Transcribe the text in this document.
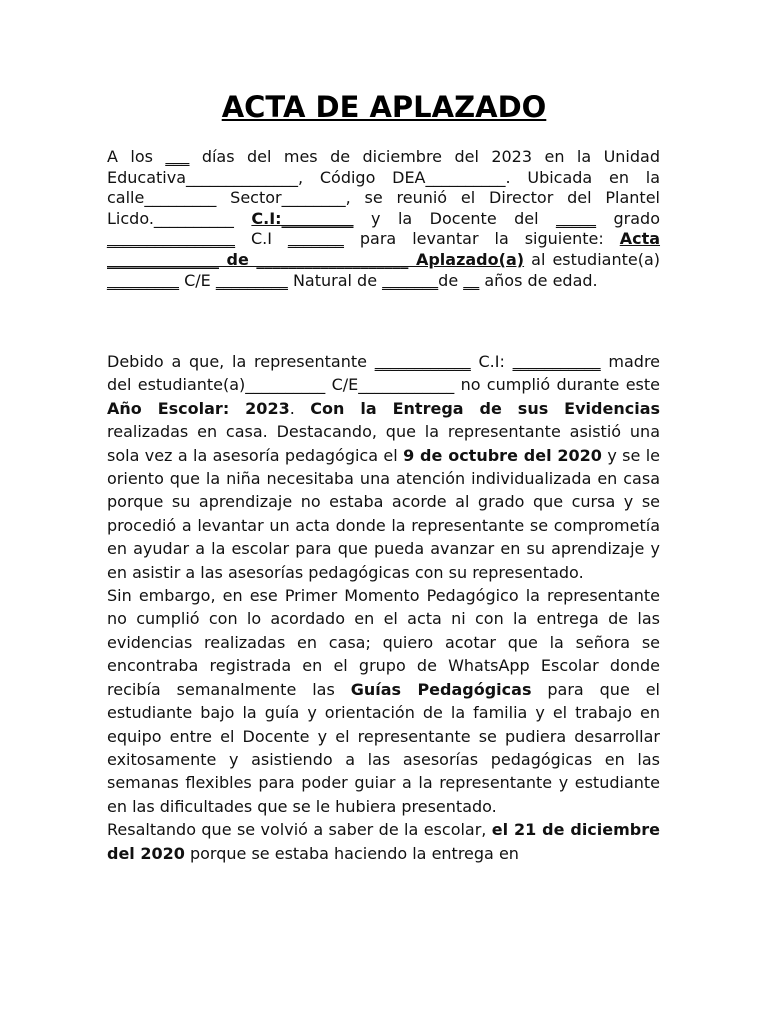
ACTA DE APLAZADO
A los ___ días del mes de diciembre del 2023 en la Unidad Educativa______________, Código DEA__________. Ubicada en la calle_________ Sector________, se reunió el Director del Plantel Licdo.__________ C.I:_________ y la Docente del _____ grado ________________ C.I _______ para levantar la siguiente: Acta ______________ de ___________________ Aplazado(a) al estudiante(a) _________ C/E _________ Natural de _______de __ años de edad.
Debido a que, la representante ____________ C.I: ___________ madre del estudiante(a)__________ C/E____________ no cumplió durante este Año Escolar: 2023. Con la Entrega de sus Evidencias realizadas en casa. Destacando, que la representante asistió una sola vez a la asesoría pedagógica el 9 de octubre del 2020 y se le oriento que la niña necesitaba una atención individualizada en casa porque su aprendizaje no estaba acorde al grado que cursa y se procedió a levantar un acta donde la representante se comprometía en ayudar a la escolar para que pueda avanzar en su aprendizaje y en asistir a las asesorías pedagógicas con su representado.
Sin embargo, en ese Primer Momento Pedagógico la representante no cumplió con lo acordado en el acta ni con la entrega de las evidencias realizadas en casa; quiero acotar que la señora se encontraba registrada en el grupo de WhatsApp Escolar donde recibía semanalmente las Guías Pedagógicas para que el estudiante bajo la guía y orientación de la familia y el trabajo en equipo entre el Docente y el representante se pudiera desarrollar exitosamente y asistiendo a las asesorías pedagógicas en las semanas flexibles para poder guiar a la representante y estudiante en las dificultades que se le hubiera presentado.
Resaltando que se volvió a saber de la escolar, el 21 de diciembre del 2020 porque se estaba haciendo la entrega en
